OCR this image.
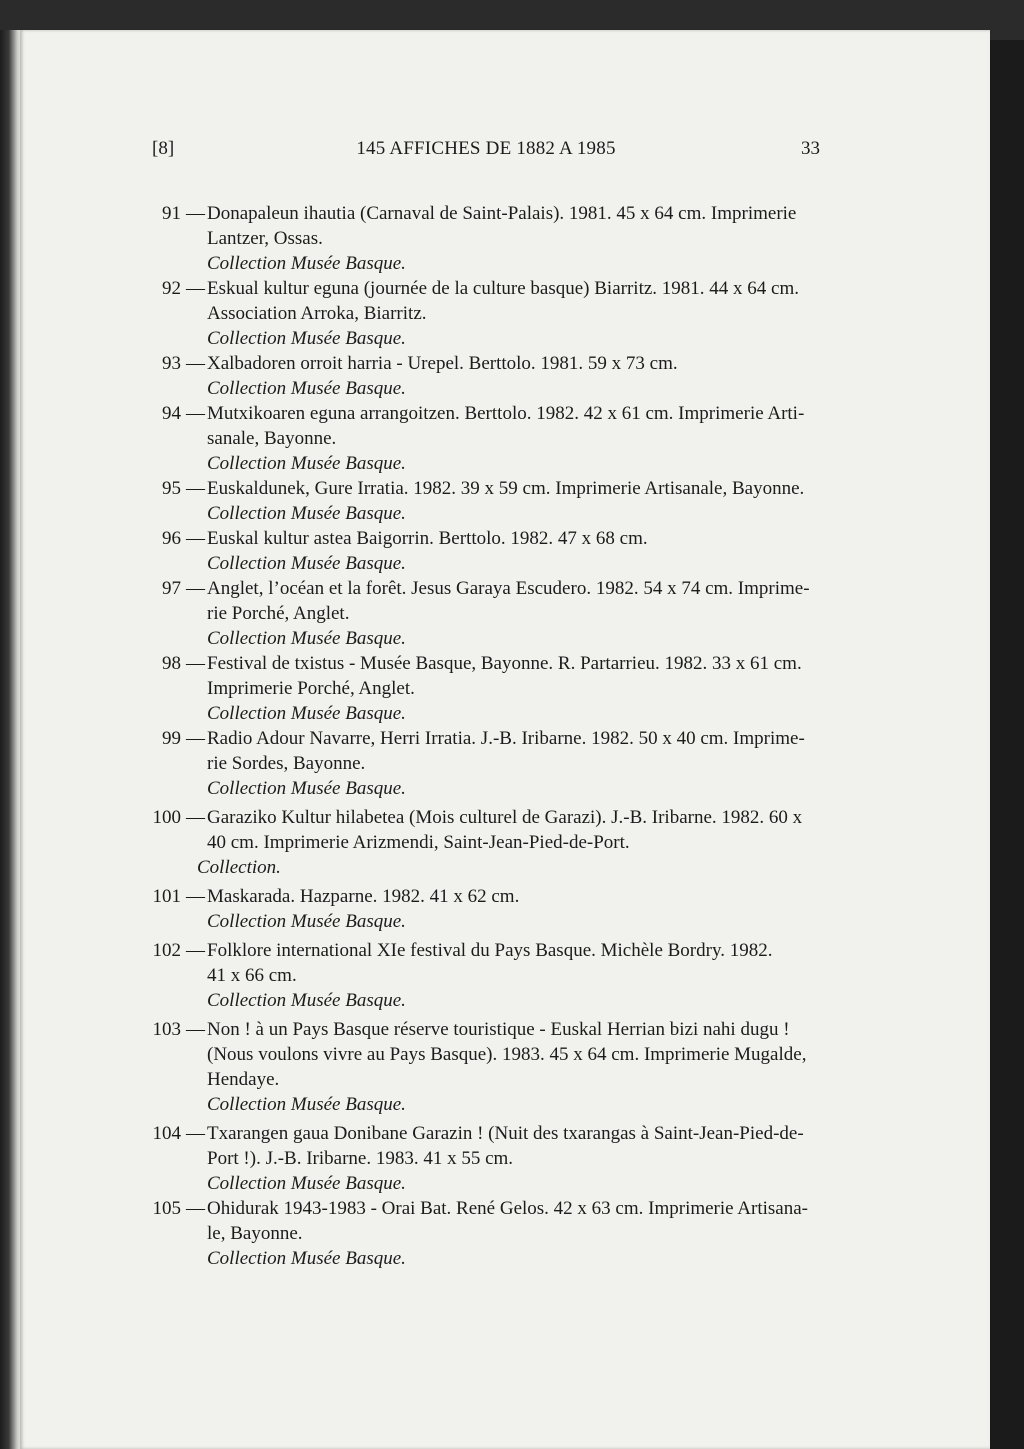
[8]	145 AFFICHES DE 1882 A 1985	33
91 — Donapaleun ihautia (Carnaval de Saint-Palais). 1981. 45 x 64 cm. Imprimerie
Lantzer, Ossas.
Collection Musée Basque.
92 — Eskual kultur eguna (journée de la culture basque) Biarritz. 1981. 44 x 64 cm.
Association Arroka, Biarritz.
Collection Musée Basque.
93 — Xalbadoren orroit harria - Urepel. Berttolo. 1981. 59 x 73 cm.
Collection Musée Basque.
94 — Mutxikoaren eguna arrangoitzen. Berttolo. 1982. 42 x 61 cm. Imprimerie Arti-
sanale, Bayonne.
Collection Musée Basque.
95 — Euskaldunek, Gure Irratia. 1982. 39 x 59 cm. Imprimerie Artisanale, Bayonne.
Collection Musée Basque.
96 — Euskal kultur astea Baigorrin. Berttolo. 1982. 47 x 68 cm.
Collection Musée Basque.
97 — Anglet, l’océan et la forêt. Jesus Garaya Escudero. 1982. 54 x 74 cm. Imprime-
rie Porché, Anglet.
Collection Musée Basque.
98 — Festival de txistus - Musée Basque, Bayonne. R. Partarrieu. 1982. 33 x 61 cm.
Imprimerie Porché, Anglet.
Collection Musée Basque.
99 — Radio Adour Navarre, Herri Irratia. J.-B. Iribarne. 1982. 50 x 40 cm. Imprime-
rie Sordes, Bayonne.
Collection Musée Basque.
100 — Garaziko Kultur hilabetea (Mois culturel de Garazi). J.-B. Iribarne. 1982. 60 x
40 cm. Imprimerie Arizmendi, Saint-Jean-Pied-de-Port.
Collection.
101 — Maskarada. Hazparne. 1982. 41 x 62 cm.
Collection Musée Basque.
102 — Folklore international XIe festival du Pays Basque. Michèle Bordry. 1982.
41 x 66 cm.
Collection Musée Basque.
103 — Non ! à un Pays Basque réserve touristique - Euskal Herrian bizi nahi dugu !
(Nous voulons vivre au Pays Basque). 1983. 45 x 64 cm. Imprimerie Mugalde,
Hendaye.
Collection Musée Basque.
104 — Txarangen gaua Donibane Garazin ! (Nuit des txarangas à Saint-Jean-Pied-de-
Port !). J.-B. Iribarne. 1983. 41 x 55 cm.
Collection Musée Basque.
105 — Ohidurak 1943-1983 - Orai Bat. René Gelos. 42 x 63 cm. Imprimerie Artisana-
le, Bayonne.
Collection Musée Basque.
